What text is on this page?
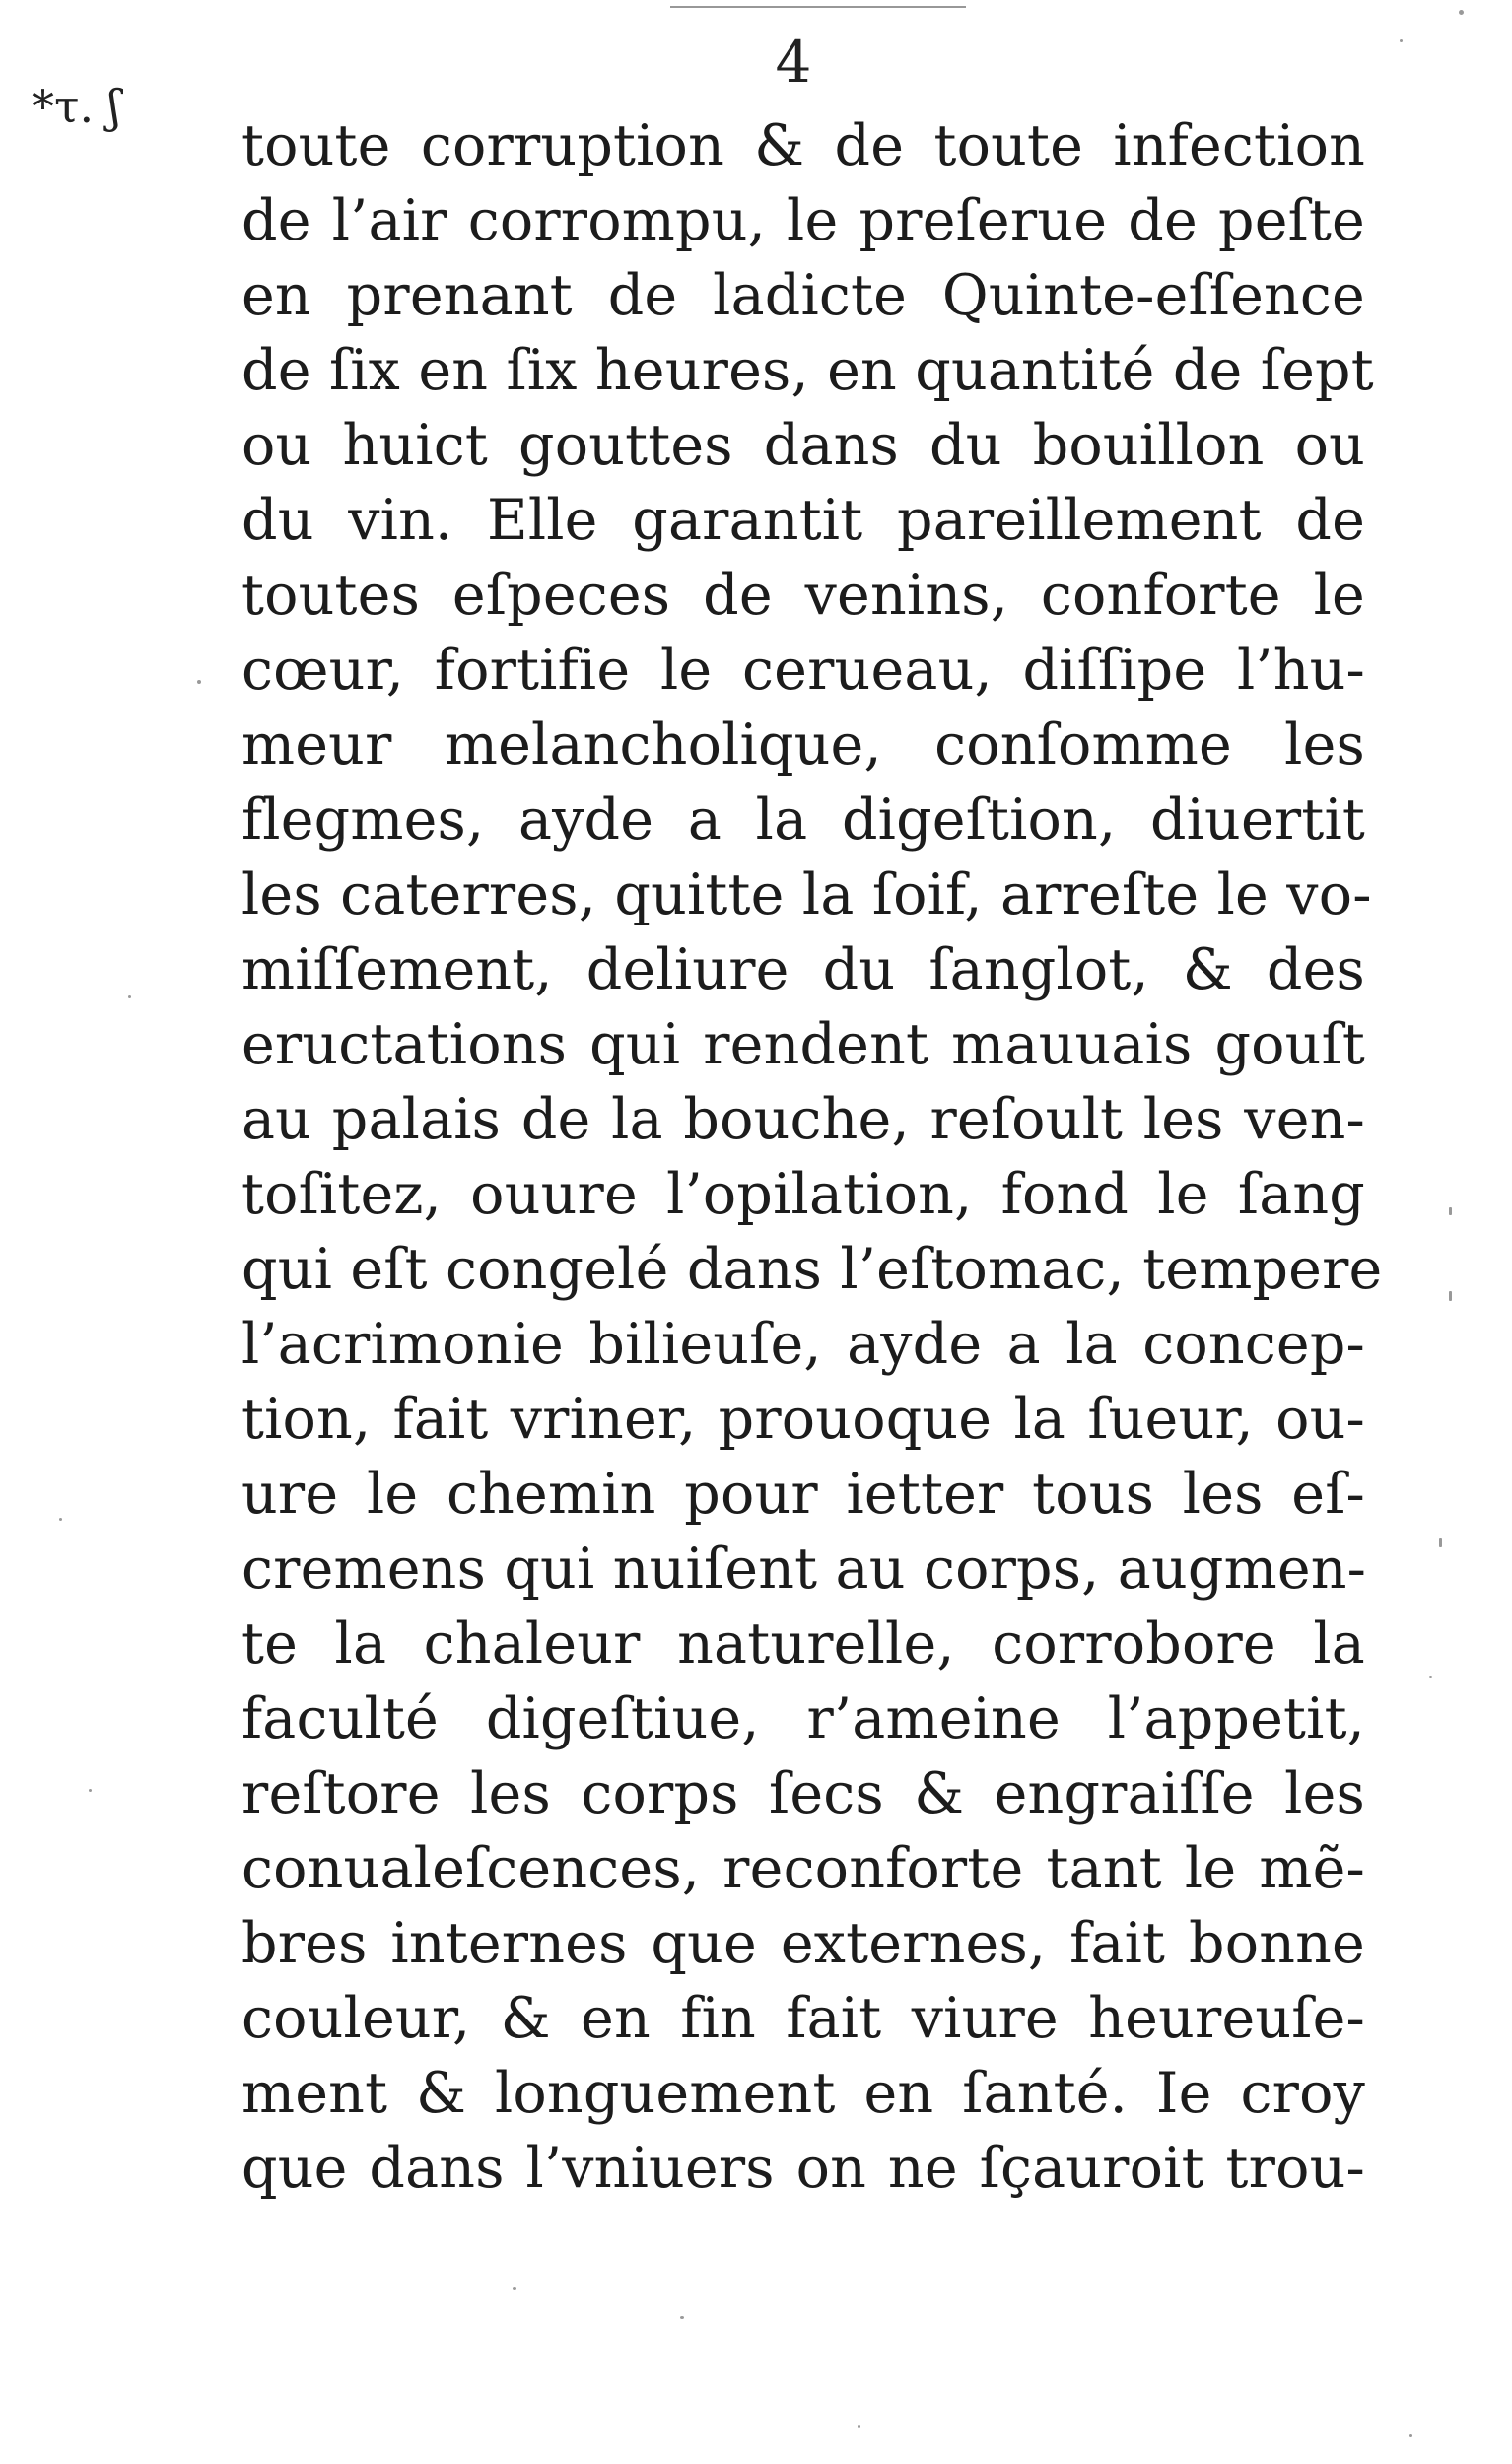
4
*τ. ʃ
toute corruption & de toute infection
de l’air corrompu, le preſerue de peſte
en prenant de ladicte Quinte-eſſence
de ſix en ſix heures, en quantité de ſept
ou huict gouttes dans du bouillon ou
du vin. Elle garantit pareillement de
toutes eſpeces de venins, conforte le
cœur, fortifie le cerueau, diſſipe l’hu-
meur melancholique, conſomme les
flegmes, ayde a la digeſtion, diuertit
les caterres, quitte la ſoif, arreſte le vo-
miſſement, deliure du ſanglot, & des
eructations qui rendent mauuais gouſt
au palais de la bouche, reſoult les ven-
toſitez, ouure l’opilation, fond le ſang
qui eſt congelé dans l’eſtomac, tempere
l’acrimonie bilieuſe, ayde a la concep-
tion, fait vriner, prouoque la ſueur, ou-
ure le chemin pour ietter tous les eſ-
cremens qui nuiſent au corps, augmen-
te la chaleur naturelle, corrobore la
faculté digeſtiue, r’ameine l’appetit,
reſtore les corps ſecs & engraiſſe les
conualeſcences, reconforte tant le mẽ-
bres internes que externes, fait bonne
couleur, & en fin fait viure heureuſe-
ment & longuement en ſanté. Ie croy
que dans l’vniuers on ne ſçauroit trou-
